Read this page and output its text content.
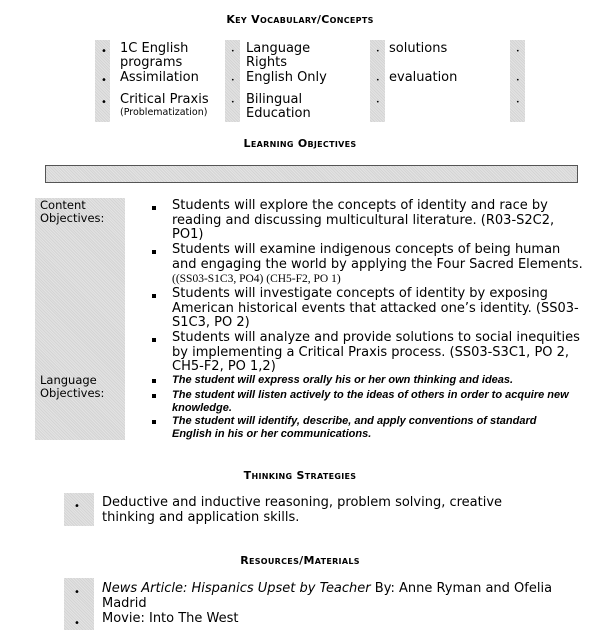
Key Vocabulary/Concepts
•
•
•
•
•
•
•
•
•
•
•
•
1C English programs
Assimilation
Critical Praxis
(Problematization)
Language Rights
English Only
Bilingual Education
solutions
evaluation
Learning Objectives
Content Objectives:
Language Objectives:
Students will explore the concepts of identity and race by reading and discussing multicultural literature. (R03-S2C2, PO1)
Students will examine indigenous concepts of being human and engaging the world by applying the Four Sacred Elements. ((SS03-S1C3, PO4) (CH5-F2, PO 1)
Students will investigate concepts of identity by exposing American historical events that attacked one’s identity. (SS03-S1C3, PO 2)
Students will analyze and provide solutions to social inequities by implementing a Critical Praxis process. (SS03-S3C1, PO 2, CH5-F2, PO 1,2)
The student will express orally his or her own thinking and ideas.
The student will listen actively to the ideas of others in order to acquire new knowledge.
The student will identify, describe, and apply conventions of standard English in his or her communications.
Thinking Strategies
• Deductive and inductive reasoning, problem solving, creative thinking and application skills.
Resources/Materials
• News Article: Hispanics Upset by Teacher By: Anne Ryman and Ofelia Madrid
• Movie: Into The West
